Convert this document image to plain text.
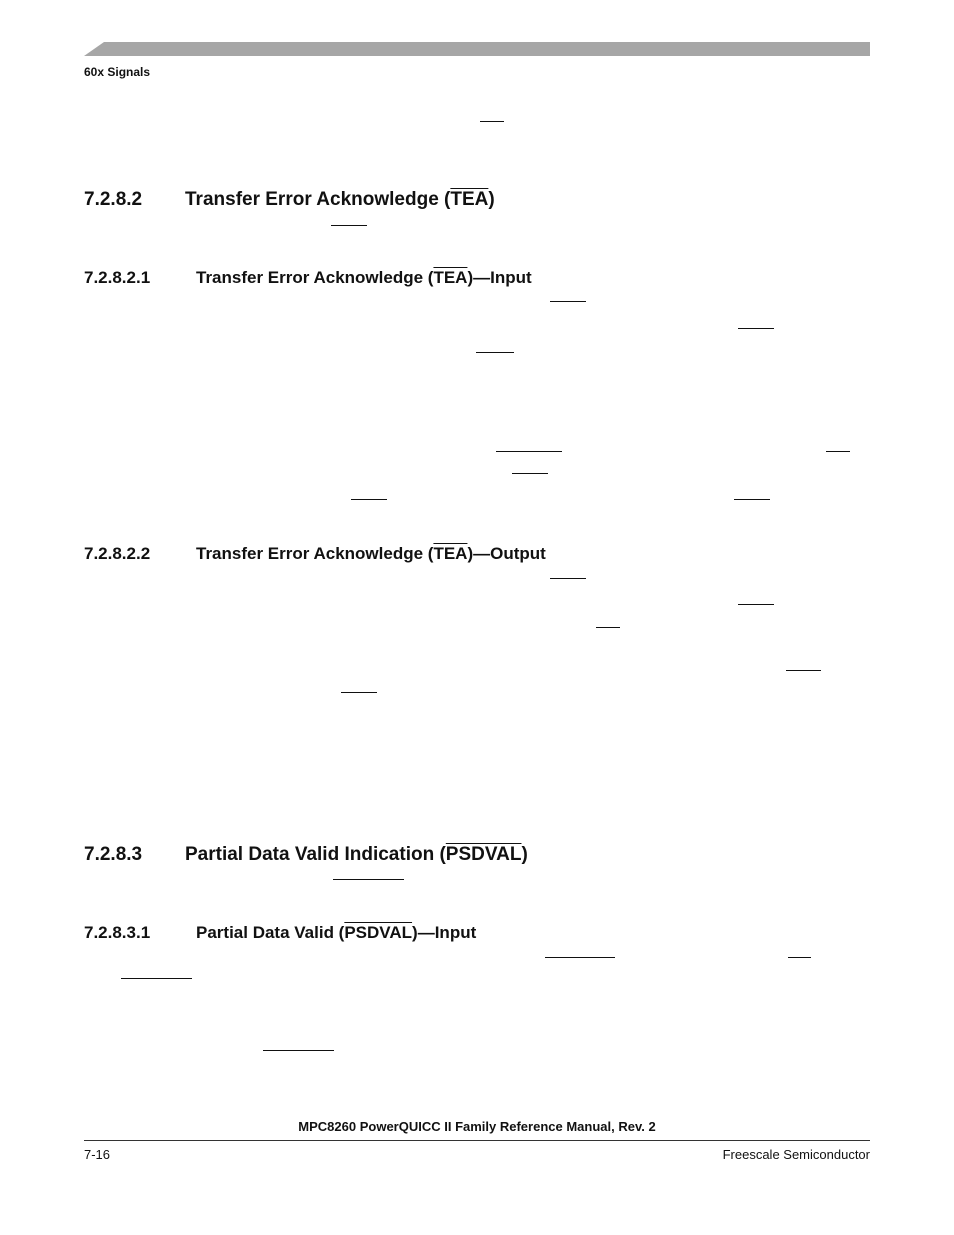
60x Signals
7.2.8.2 Transfer Error Acknowledge $(\overline{TEA})$
7.2.8.2.1	Transfer Error Acknowledge $(\overline{TEA})—Input$
7.2.8.2.2	Transfer Error Acknowledge $(\overline{TEA})—Output$
7.2.8.3 Partial Data Valid Indication (PSDVAL)
7.2.8.3.1	Partial Data Valid (PSDVAL)—Input
MPC8260 PowerQUICC II Family Reference Manual, Rev. 2
7-16	Freescale Semiconductor
